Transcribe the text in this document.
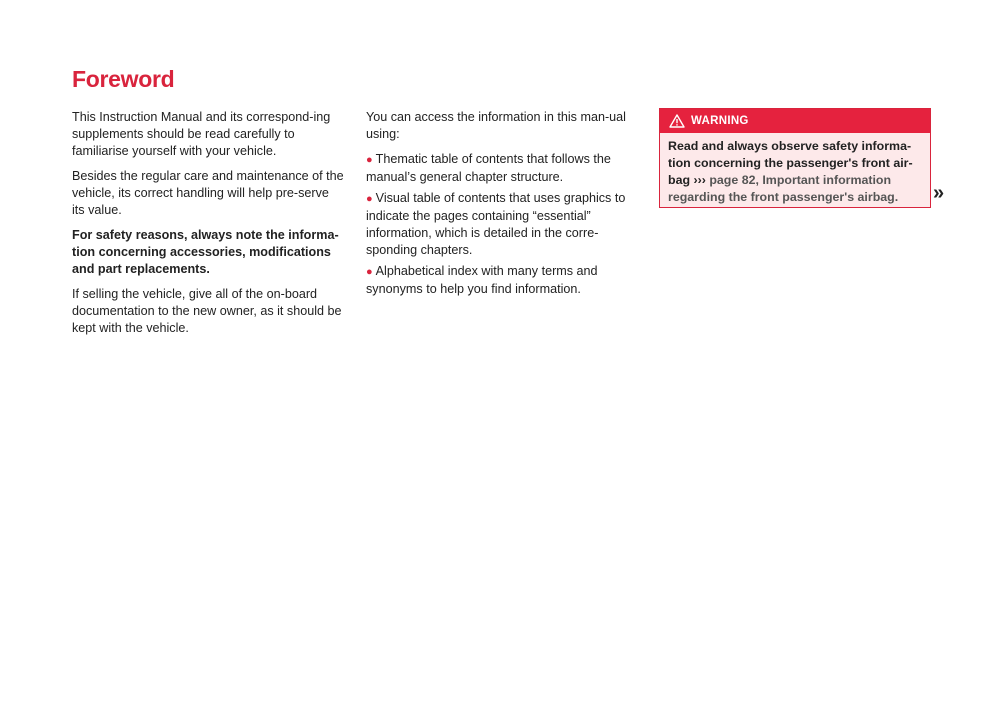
Foreword

This Instruction Manual and its correspond-ing supplements should be read carefully to familiarise yourself with your vehicle.

Besides the regular care and maintenance of the vehicle, its correct handling will help pre-serve its value.

For safety reasons, always note the informa-tion concerning accessories, modifications and part replacements.

If selling the vehicle, give all of the on-board documentation to the new owner, as it should be kept with the vehicle.

You can access the information in this man-ual using:

● Thematic table of contents that follows the manual’s general chapter structure.
● Visual table of contents that uses graphics to indicate the pages containing “essential” information, which is detailed in the corre-sponding chapters.
● Alphabetical index with many terms and synonyms to help you find information.
WARNING
Read and always observe safety informa-tion concerning the passenger's front air-bag ››› page 82, Important information regarding the front passenger's airbag.	»
